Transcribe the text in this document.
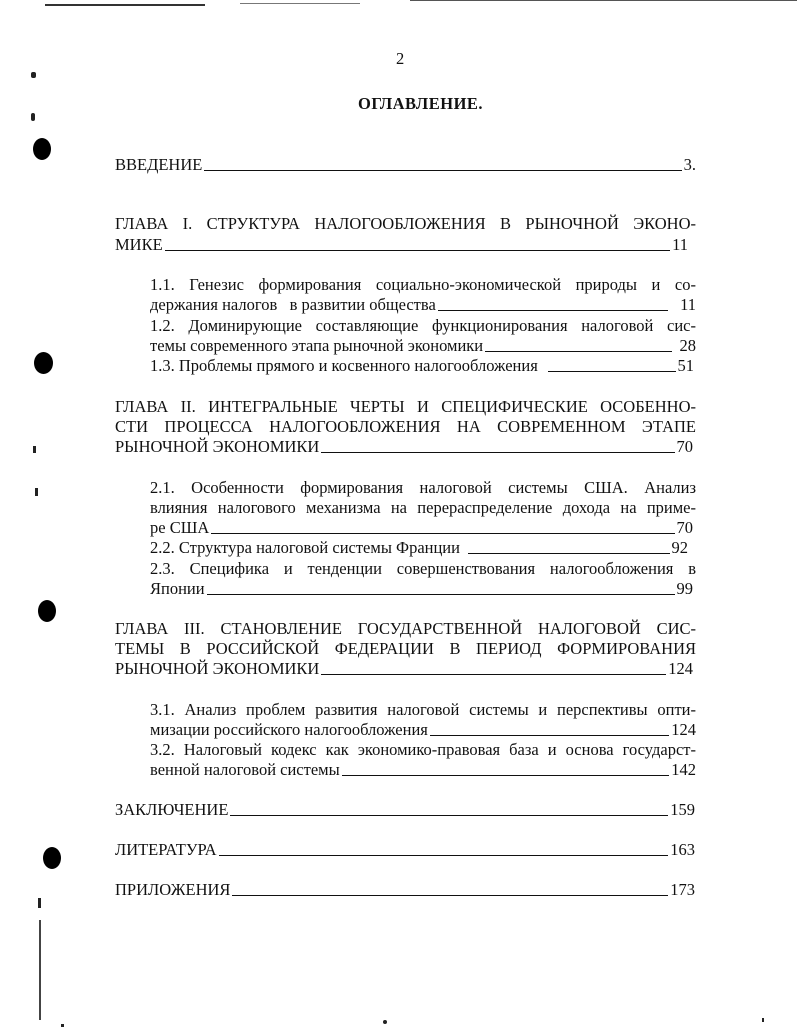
2
ОГЛАВЛЕНИЕ.
ВВЕДЕНИЕ	3.
ГЛАВА I. СТРУКТУРА НАЛОГООБЛОЖЕНИЯ В РЫНОЧНОЙ ЭКОНО-
МИКЕ	11
1.1. Генезис формирования социально-экономической природы и со-
держания налогов   в развитии общества	11
1.2. Доминирующие составляющие функционирования налоговой сис-
темы современного этапа рыночной экономики	28
1.3. Проблемы прямого и косвенного налогообложения	51
ГЛАВА II. ИНТЕГРАЛЬНЫЕ ЧЕРТЫ И СПЕЦИФИЧЕСКИЕ ОСОБЕННО-
СТИ ПРОЦЕССА НАЛОГООБЛОЖЕНИЯ НА СОВРЕМЕННОМ ЭТАПЕ
РЫНОЧНОЙ ЭКОНОМИКИ	70
2.1. Особенности формирования налоговой системы США. Анализ
влияния налогового механизма на перераспределение дохода на приме-
ре США	70
2.2. Структура налоговой системы Франции	92
2.3. Специфика и тенденции совершенствования налогообложения в
Японии	99
ГЛАВА III. СТАНОВЛЕНИЕ ГОСУДАРСТВЕННОЙ НАЛОГОВОЙ СИС-
ТЕМЫ В РОССИЙСКОЙ ФЕДЕРАЦИИ В ПЕРИОД ФОРМИРОВАНИЯ
РЫНОЧНОЙ ЭКОНОМИКИ	124
3.1. Анализ проблем развития налоговой системы и перспективы опти-
мизации российского налогообложения	124
3.2. Налоговый кодекс как экономико-правовая база и основа государст-
венной налоговой системы	142
ЗАКЛЮЧЕНИЕ	159
ЛИТЕРАТУРА	163
ПРИЛОЖЕНИЯ	173
